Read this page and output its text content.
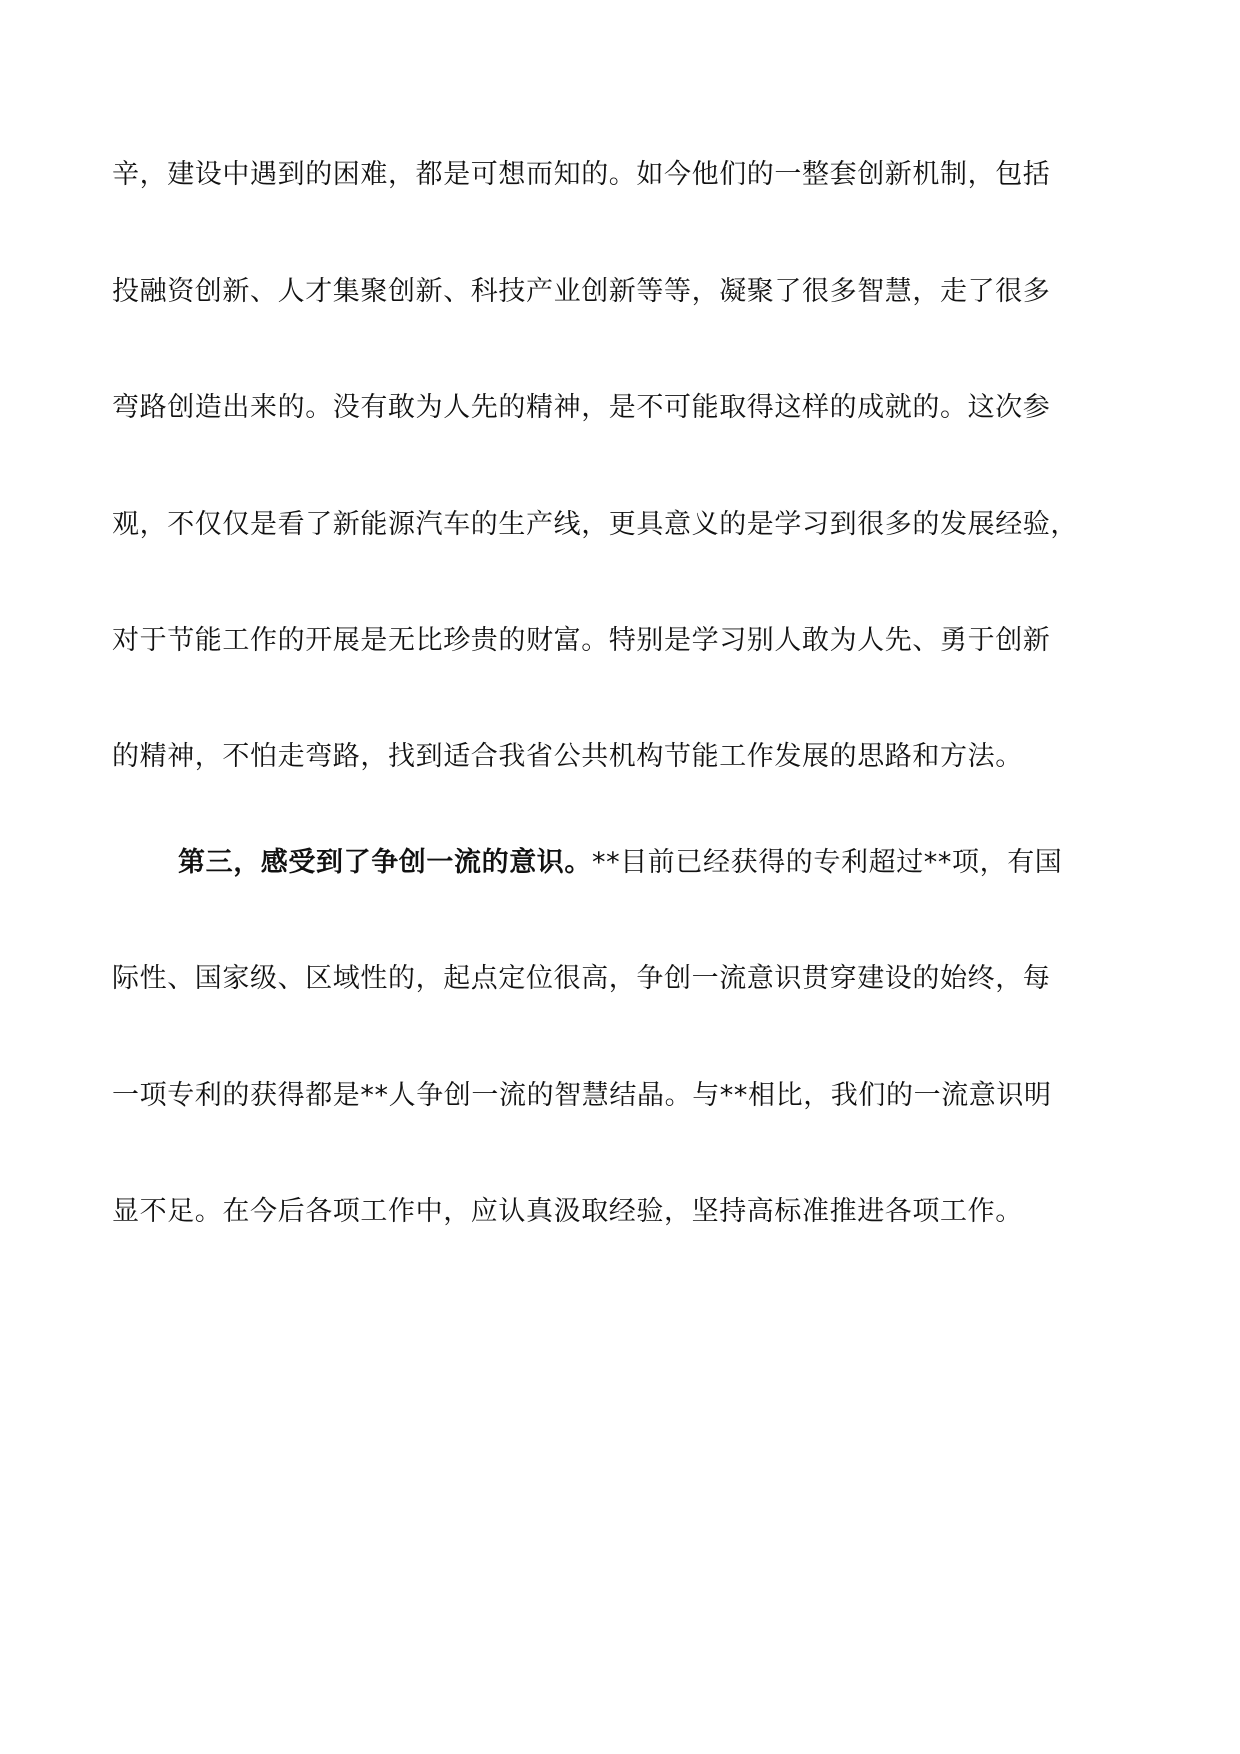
辛，建设中遇到的困难，都是可想而知的。如今他们的一整套创新机制，包括
投融资创新、人才集聚创新、科技产业创新等等，凝聚了很多智慧，走了很多
弯路创造出来的。没有敢为人先的精神，是不可能取得这样的成就的。这次参
观，不仅仅是看了新能源汽车的生产线，更具意义的是学习到很多的发展经验，
对于节能工作的开展是无比珍贵的财富。特别是学习别人敢为人先、勇于创新
的精神，不怕走弯路，找到适合我省公共机构节能工作发展的思路和方法。
第三，感受到了争创一流的意识。**目前已经获得的专利超过**项，有国
际性、国家级、区域性的，起点定位很高，争创一流意识贯穿建设的始终，每
一项专利的获得都是**人争创一流的智慧结晶。与**相比，我们的一流意识明
显不足。在今后各项工作中，应认真汲取经验，坚持高标准推进各项工作。
